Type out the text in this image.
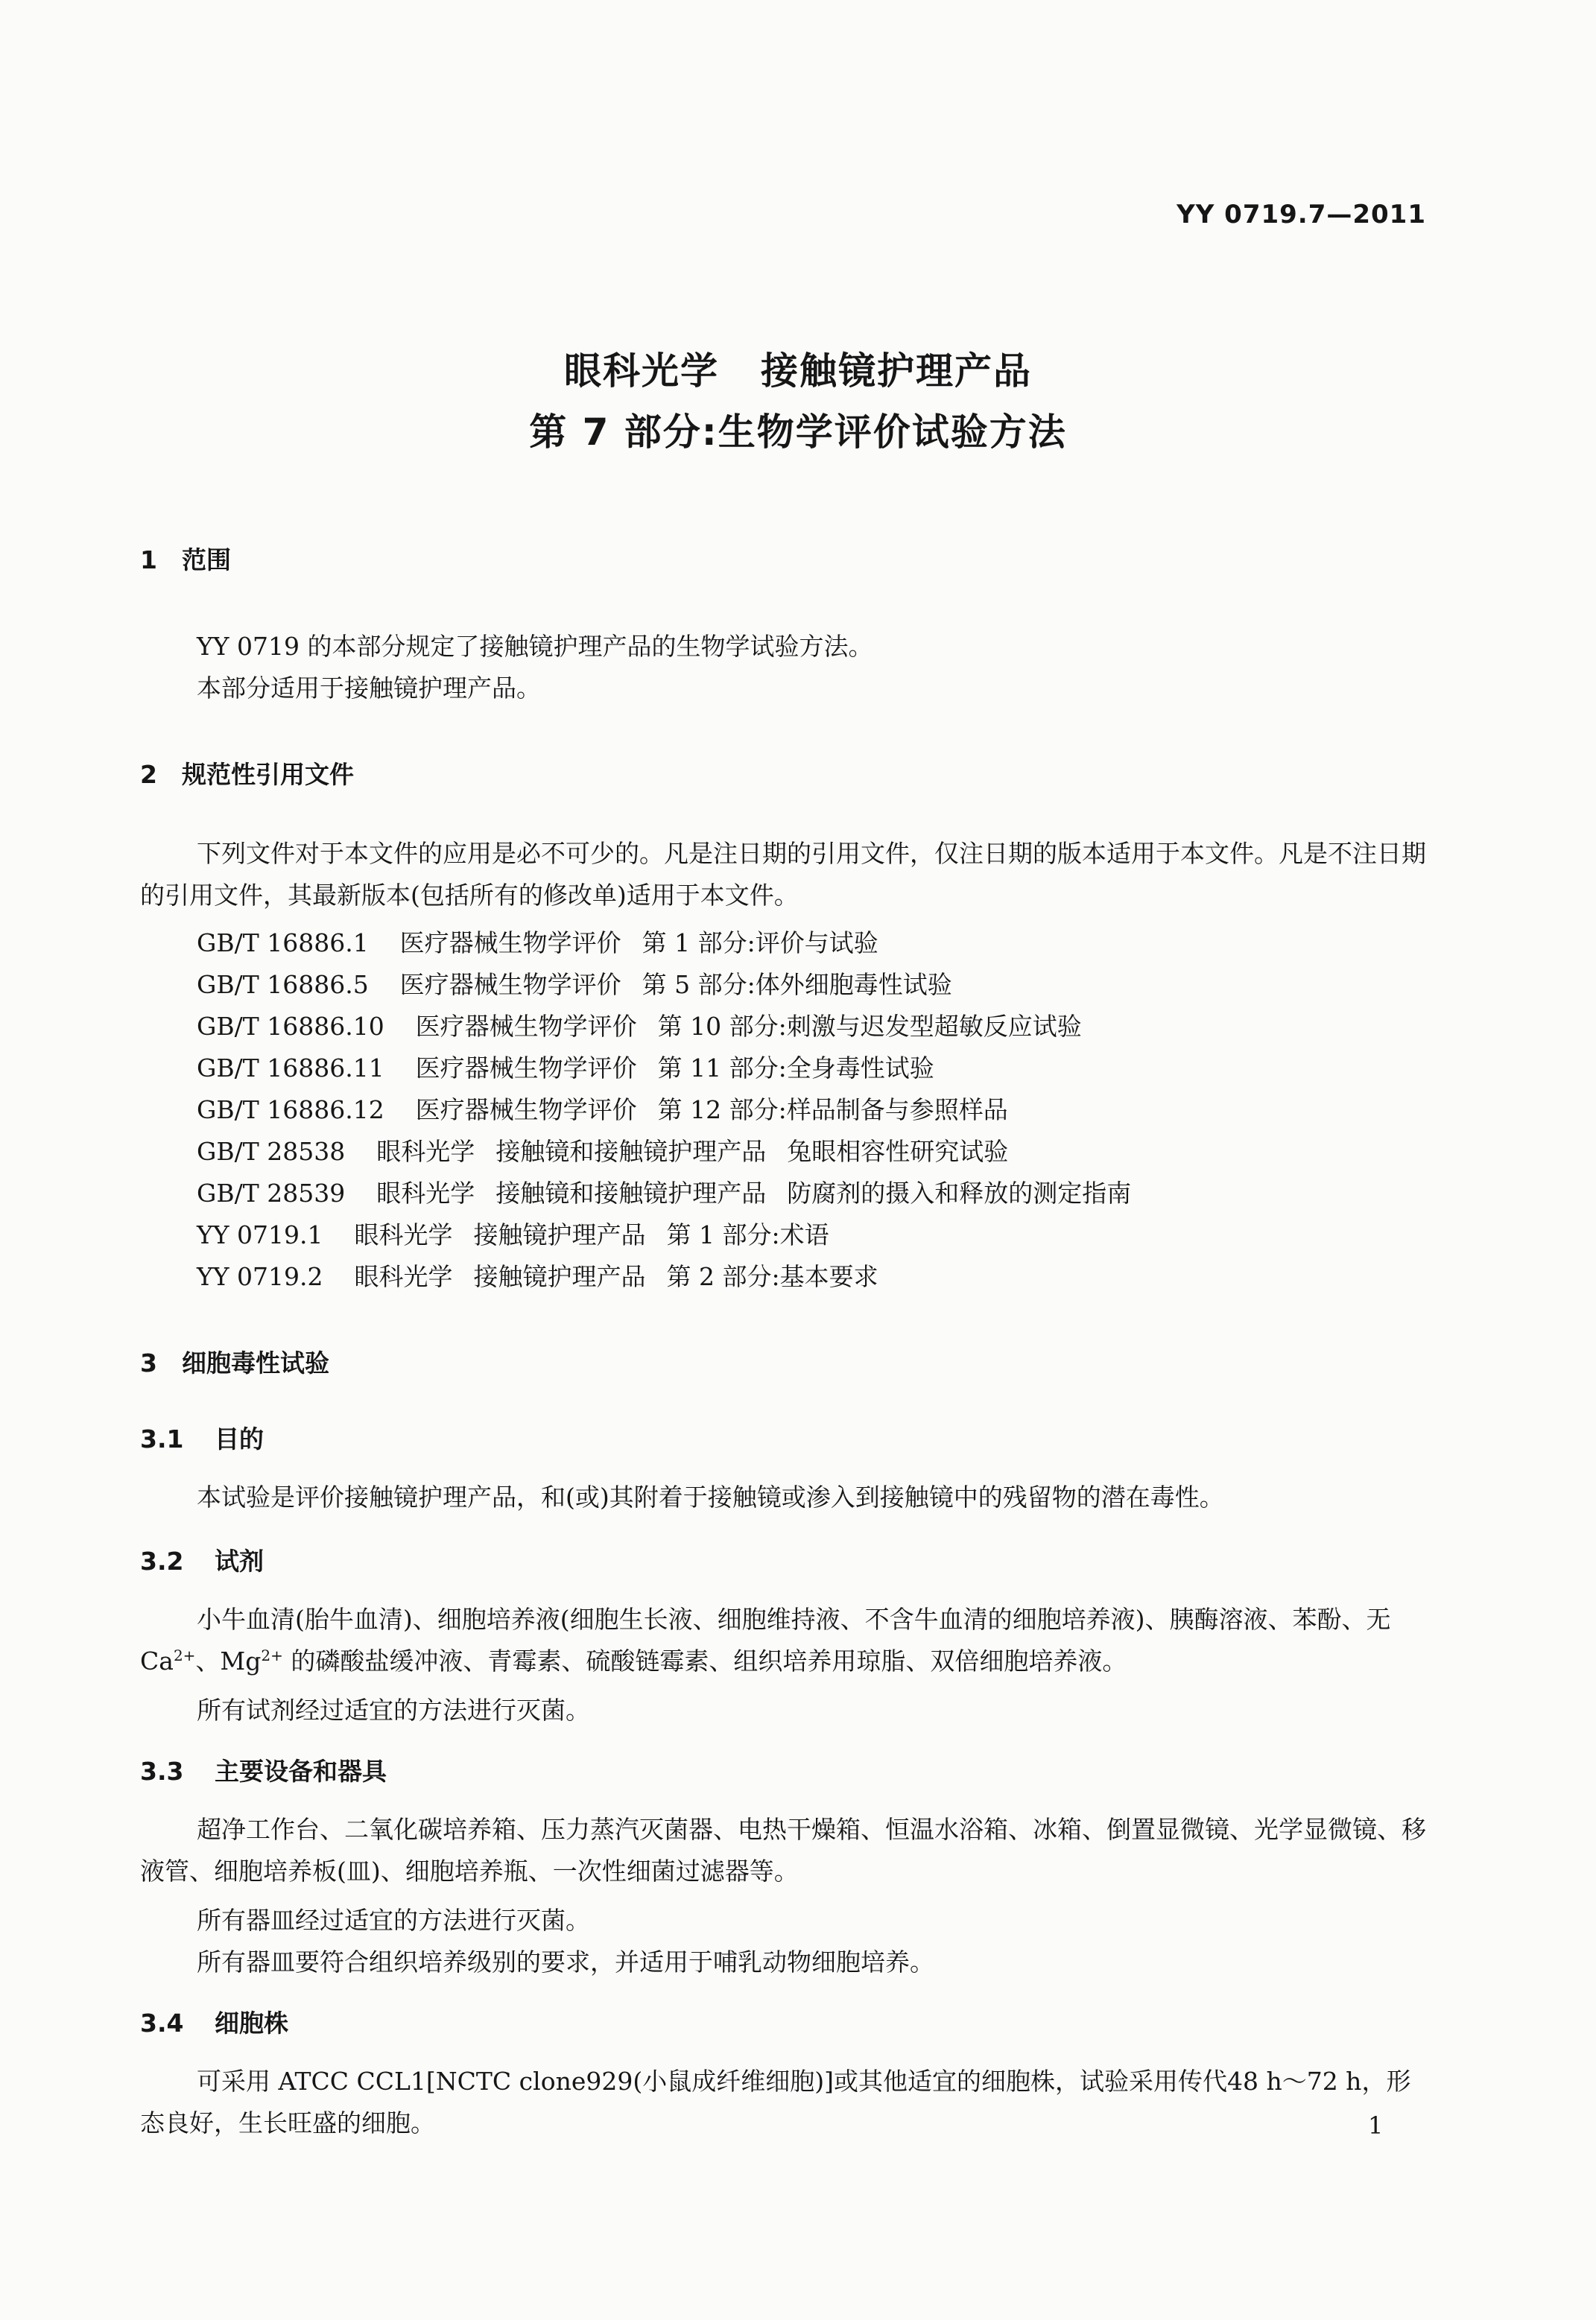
YY 0719.7—2011
眼科光学 接触镜护理产品
第 7 部分:生物学评价试验方法
1 范围
YY 0719 的本部分规定了接触镜护理产品的生物学试验方法。
本部分适用于接触镜护理产品。
2 规范性引用文件
下列文件对于本文件的应用是必不可少的。凡是注日期的引用文件，仅注日期的版本适用于本文件。凡是不注日期的引用文件，其最新版本(包括所有的修改单)适用于本文件。
GB/T 16886.1 医疗器械生物学评价 第 1 部分:评价与试验
GB/T 16886.5 医疗器械生物学评价 第 5 部分:体外细胞毒性试验
GB/T 16886.10 医疗器械生物学评价 第 10 部分:刺激与迟发型超敏反应试验
GB/T 16886.11 医疗器械生物学评价 第 11 部分:全身毒性试验
GB/T 16886.12 医疗器械生物学评价 第 12 部分:样品制备与参照样品
GB/T 28538 眼科光学 接触镜和接触镜护理产品 兔眼相容性研究试验
GB/T 28539 眼科光学 接触镜和接触镜护理产品 防腐剂的摄入和释放的测定指南
YY 0719.1 眼科光学 接触镜护理产品 第 1 部分:术语
YY 0719.2 眼科光学 接触镜护理产品 第 2 部分:基本要求
3 细胞毒性试验
3.1 目的
本试验是评价接触镜护理产品，和(或)其附着于接触镜或渗入到接触镜中的残留物的潜在毒性。
3.2 试剂
小牛血清(胎牛血清)、细胞培养液(细胞生长液、细胞维持液、不含牛血清的细胞培养液)、胰酶溶液、苯酚、无 $Ca^{2+}$、$Mg^{2+}$ 的磷酸盐缓冲液、青霉素、硫酸链霉素、组织培养用琼脂、双倍细胞培养液。
所有试剂经过适宜的方法进行灭菌。
3.3 主要设备和器具
超净工作台、二氧化碳培养箱、压力蒸汽灭菌器、电热干燥箱、恒温水浴箱、冰箱、倒置显微镜、光学显微镜、移液管、细胞培养板(皿)、细胞培养瓶、一次性细菌过滤器等。
所有器皿经过适宜的方法进行灭菌。
所有器皿要符合组织培养级别的要求，并适用于哺乳动物细胞培养。
3.4 细胞株
可采用 ATCC CCL1[NCTC clone929(小鼠成纤维细胞)]或其他适宜的细胞株，试验采用传代48 h～72 h，形态良好，生长旺盛的细胞。	1
